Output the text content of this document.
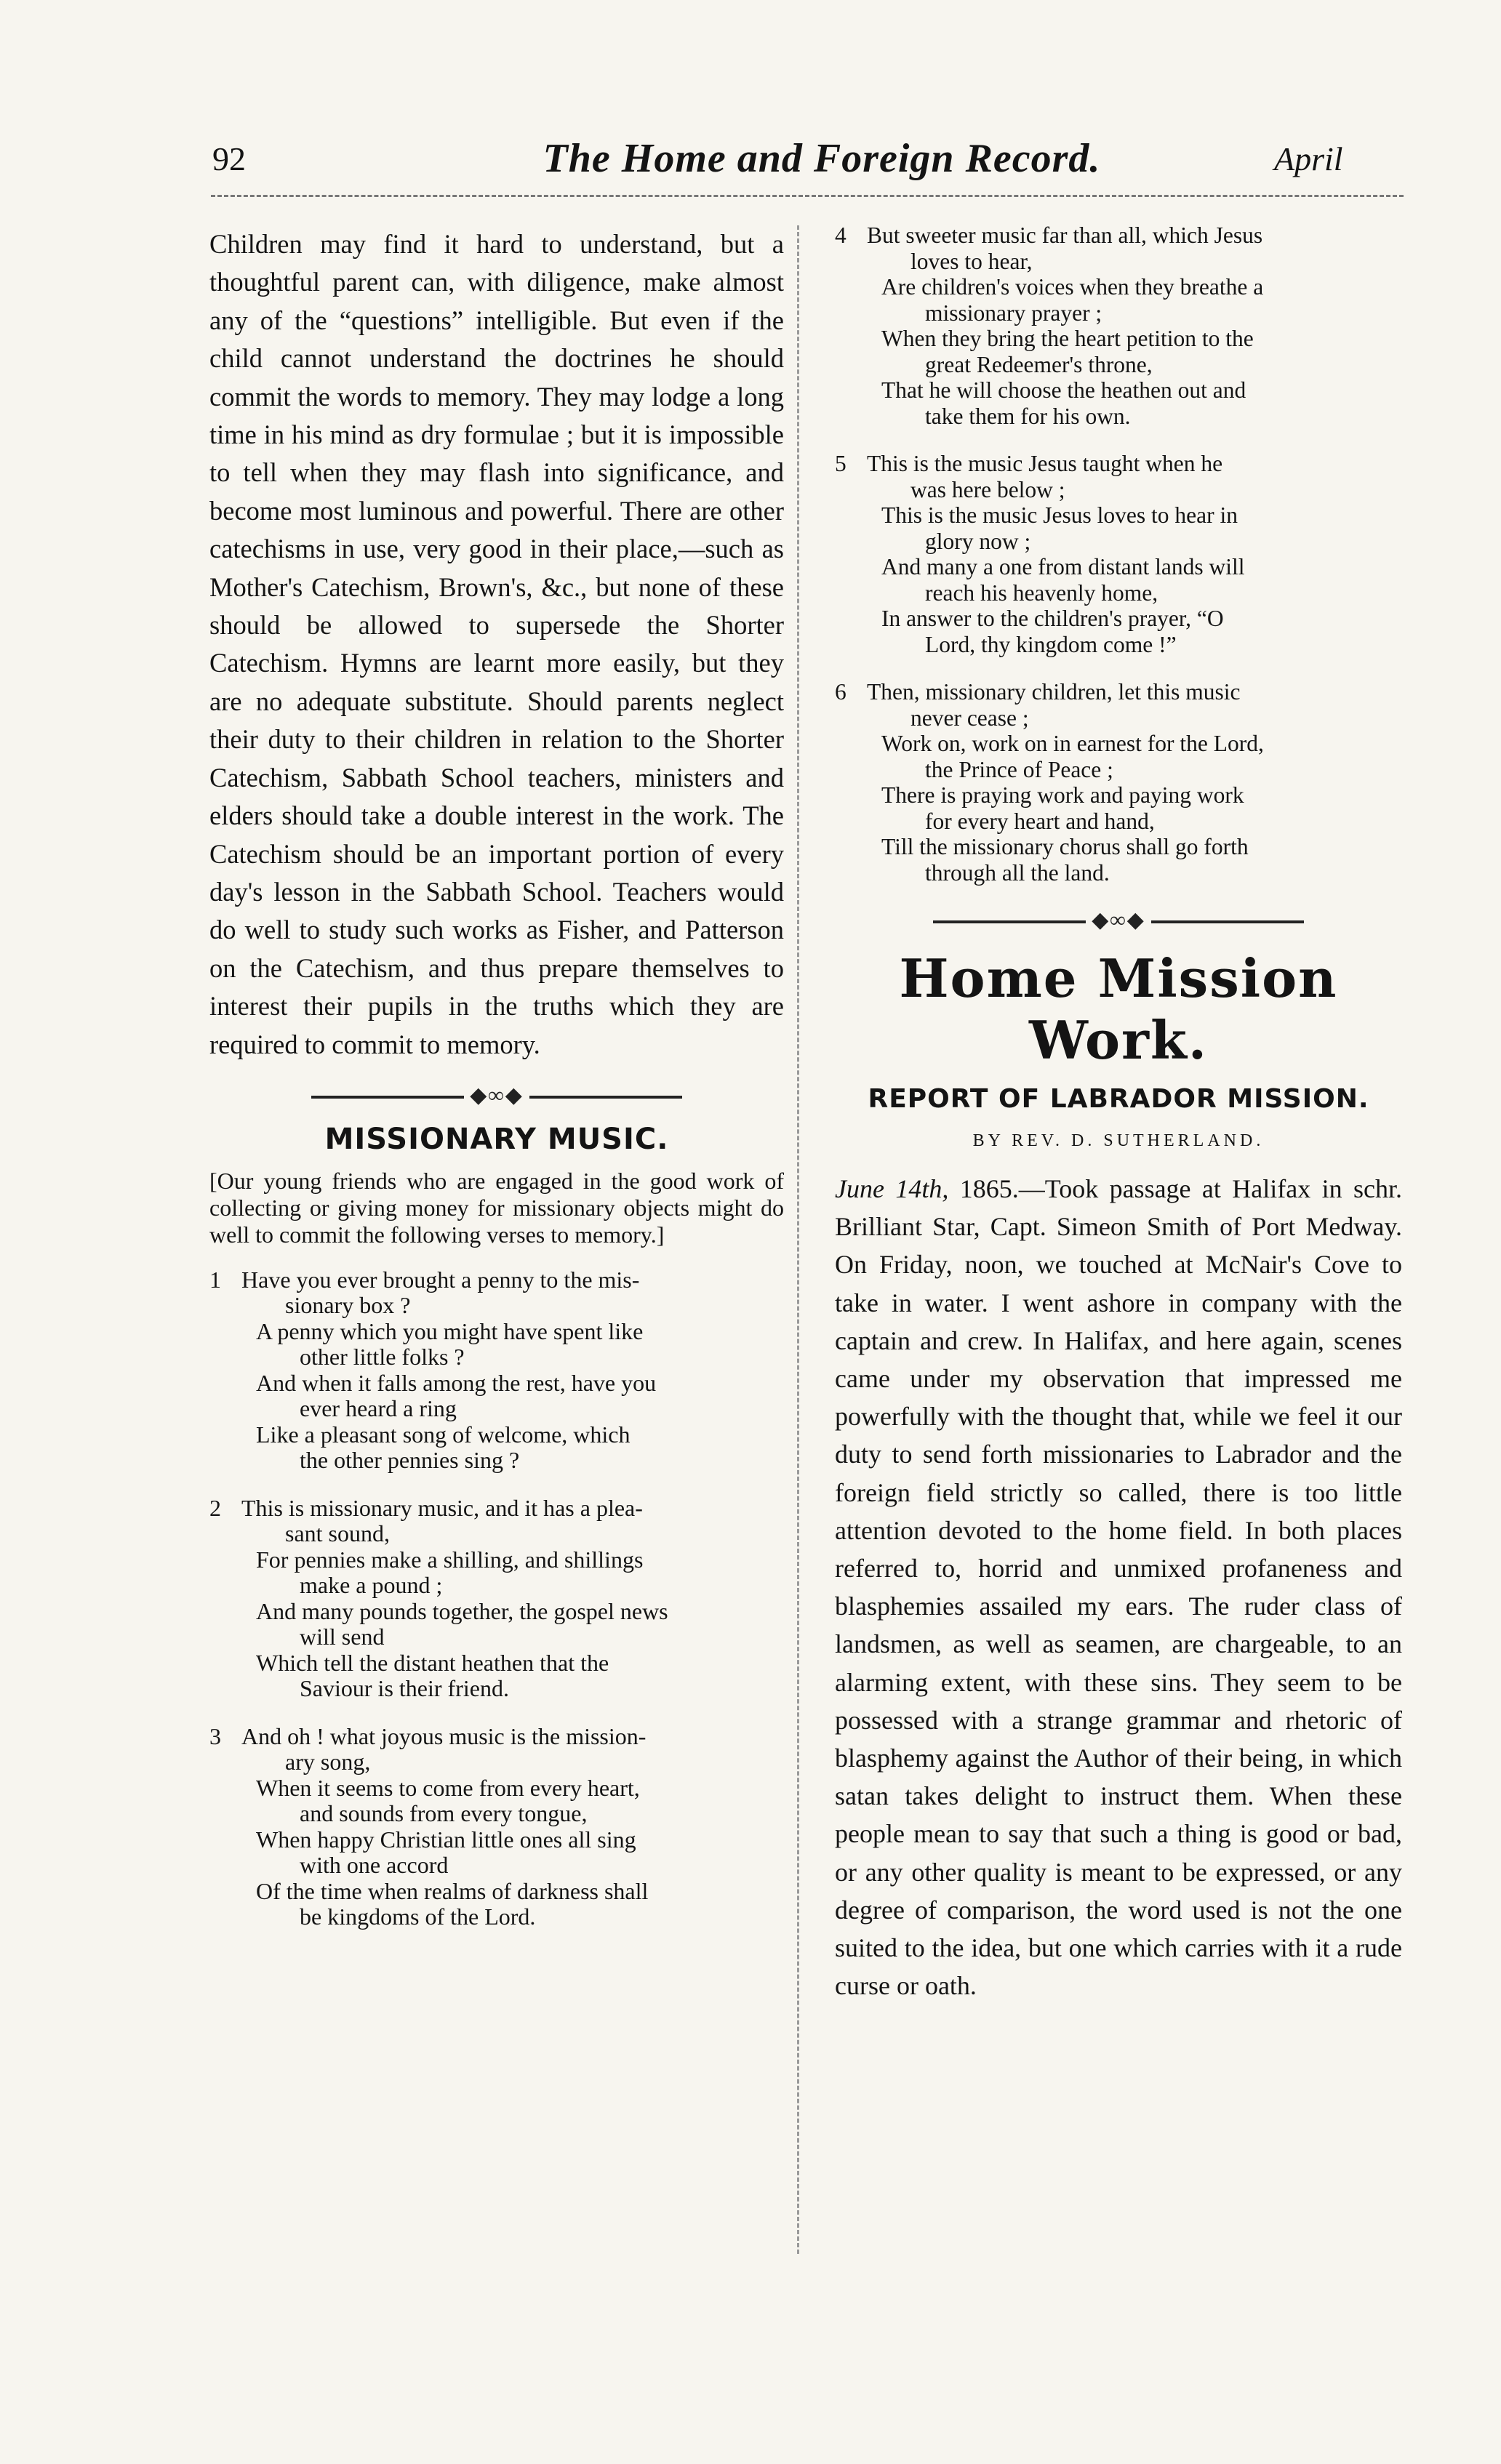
92	The Home and Foreign Record.	April

Children may find it hard to understand, but a thoughtful parent can, with diligence, make almost any of the “questions” intelligible. But even if the child cannot understand the doctrines he should commit the words to memory. They may lodge a long time in his mind as dry formulae ; but it is impossible to tell when they may flash into significance, and become most luminous and powerful. There are other catechisms in use, very good in their place,—such as Mother's Catechism, Brown's, &c., but none of these should be allowed to supersede the Shorter Catechism. Hymns are learnt more easily, but they are no adequate substitute. Should parents neglect their duty to their children in relation to the Shorter Catechism, Sabbath School teachers, ministers and elders should take a double interest in the work. The Catechism should be an important portion of every day's lesson in the Sabbath School. Teachers would do well to study such works as Fisher, and Patterson on the Catechism, and thus prepare themselves to interest their pupils in the truths which they are required to commit to memory.

◆∞◆
MISSIONARY MUSIC.
[Our young friends who are engaged in the good work of collecting or giving money for missionary objects might do well to commit the following verses to memory.]
1 Have you ever brought a penny to the mis-
sionary box ?
A penny which you might have spent like
other little folks ?
And when it falls among the rest, have you
ever heard a ring
Like a pleasant song of welcome, which
the other pennies sing ?
2 This is missionary music, and it has a plea-
sant sound,
For pennies make a shilling, and shillings
make a pound ;
And many pounds together, the gospel news
will send
Which tell the distant heathen that the
Saviour is their friend.
3 And oh ! what joyous music is the mission-
ary song,
When it seems to come from every heart,
and sounds from every tongue,
When happy Christian little ones all sing
with one accord
Of the time when realms of darkness shall
be kingdoms of the Lord.
4 But sweeter music far than all, which Jesus
loves to hear,
Are children's voices when they breathe a
missionary prayer ;
When they bring the heart petition to the
great Redeemer's throne,
That he will choose the heathen out and
take them for his own.
5 This is the music Jesus taught when he
was here below ;
This is the music Jesus loves to hear in
glory now ;
And many a one from distant lands will
reach his heavenly home,
In answer to the children's prayer, “O
Lord, thy kingdom come !”
6 Then, missionary children, let this music
never cease ;
Work on, work on in earnest for the Lord,
the Prince of Peace ;
There is praying work and paying work
for every heart and hand,
Till the missionary chorus shall go forth
through all the land.
◆∞◆
Home Mission Work.
REPORT OF LABRADOR MISSION.
BY REV. D. SUTHERLAND.

June 14th, 1865.—Took passage at Halifax in schr. Brilliant Star, Capt. Simeon Smith of Port Medway. On Friday, noon, we touched at McNair's Cove to take in water. I went ashore in company with the captain and crew. In Halifax, and here again, scenes came under my observation that impressed me powerfully with the thought that, while we feel it our duty to send forth missionaries to Labrador and the foreign field strictly so called, there is too little attention devoted to the home field. In both places referred to, horrid and unmixed profaneness and blasphemies assailed my ears. The ruder class of landsmen, as well as seamen, are chargeable, to an alarming extent, with these sins. They seem to be possessed with a strange grammar and rhetoric of blasphemy against the Author of their being, in which satan takes delight to instruct them. When these people mean to say that such a thing is good or bad, or any other quality is meant to be expressed, or any degree of comparison, the word used is not the one suited to the idea, but one which carries with it a rude curse or oath.
